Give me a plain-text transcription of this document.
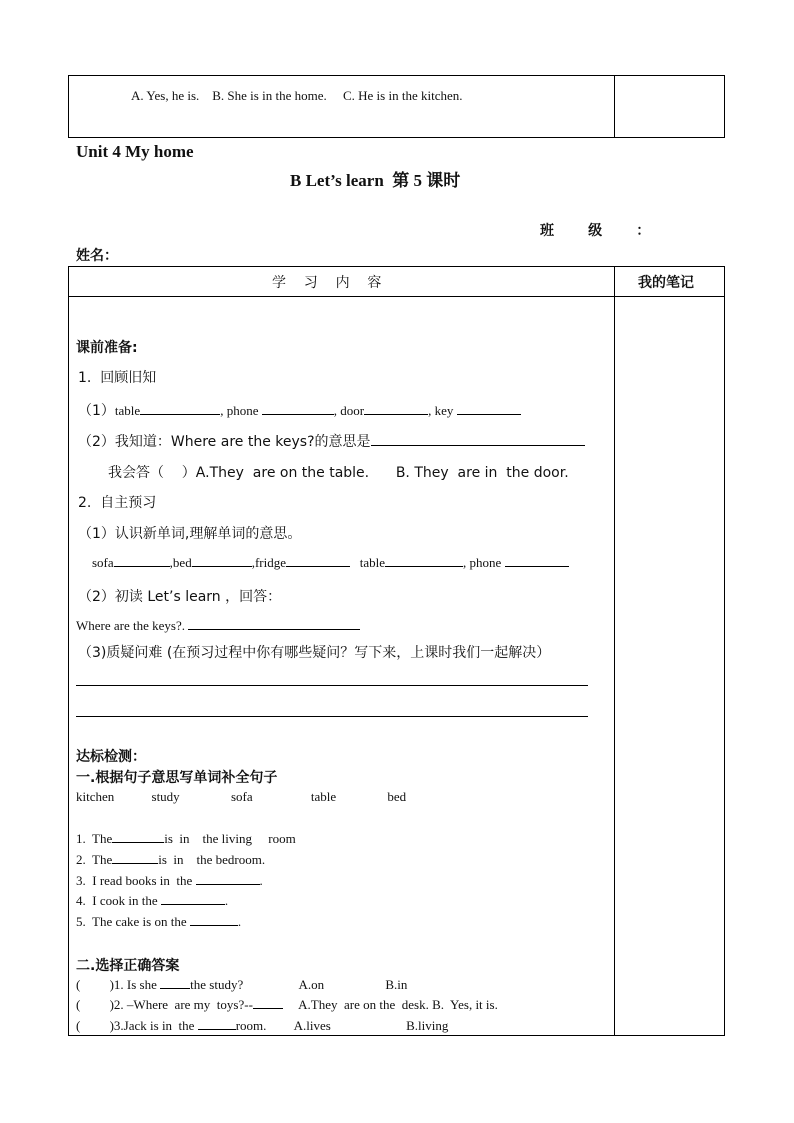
A. Yes, he is.    B. She is in the home.     C. He is in the kitchen.
Unit 4 My home
B Let’s learn  第 5 课时
班       级       ：
姓名：
学    习    内    容	我的笔记
课前准备:
1.  回顾旧知
（1）table	, phone	, door	, key
（2）我知道：Where are the keys?的意思是
我会答（    ）A.They  are on the table.      B. They  are in  the door.
2.  自主预习
（1）认识新单词,理解单词的意思。
sofa	,bed	,fridge	table	, phone
（2）初读 Let’s learn ，回答：
Where are the keys?.
（3)质疑问难 (在预习过程中你有哪些疑问？写下来，上课时我们一起解决）
达标检测：
一.根据句子意思写单词补全句子
kitchen	study	sofa	table	bed
1.  The	is  in    the living     room
2.  The	is  in    the bedroom.
3.  I read books in  the	.
4.  I cook in the	.
5.  The cake is on the	.
二.选择正确答案
(         )1. Is she	the study?	A.on	B.in
(         )2. –Where  are my  toys?--	A.They  are on the  desk. B.  Yes, it is.
(         )3.Jack is in  the	room. A.lives	B.living
